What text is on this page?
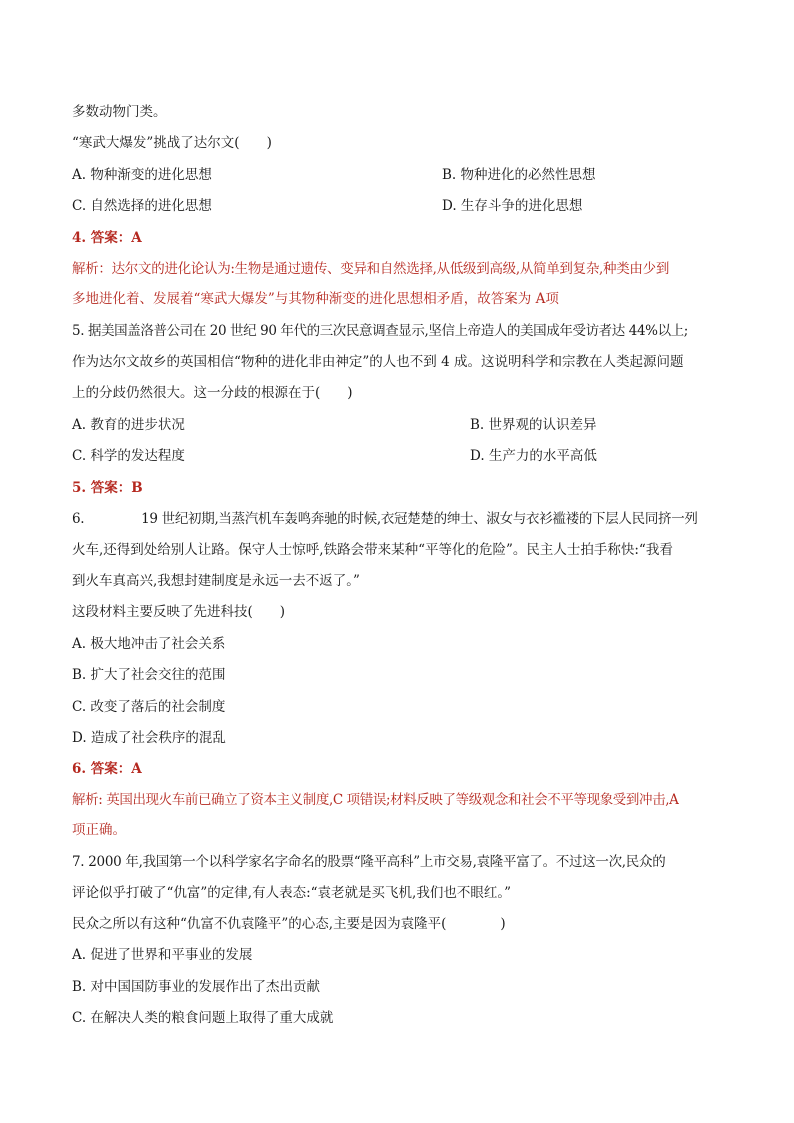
多数动物门类。
“寒武大爆发”挑战了达尔文(　　)
A. 物种渐变的进化思想	B. 物种进化的必然性思想
C. 自然选择的进化思想	D. 生存斗争的进化思想
4. 答案：A
解析：达尔文的进化论认为:生物是通过遗传、变异和自然选择,从低级到高级,从简单到复杂,种类由少到
多地进化着、发展着“寒武大爆发”与其物种渐变的进化思想相矛盾，故答案为 A项
5. 据美国盖洛普公司在 20 世纪 90 年代的三次民意调查显示,坚信上帝造人的美国成年受访者达 44%以上;
作为达尔文故乡的英国相信“物种的进化非由神定”的人也不到 4 成。这说明科学和宗教在人类起源问题
上的分歧仍然很大。这一分歧的根源在于(　　)
A. 教育的进步状况	B. 世界观的认识差异
C. 科学的发达程度	D. 生产力的水平高低
5. 答案：B
6.　　　　 19 世纪初期,当蒸汽机车轰鸣奔驰的时候,衣冠楚楚的绅士、淑女与衣衫褴褛的下层人民同挤一列
火车,还得到处给别人让路。保守人士惊呼,铁路会带来某种“平等化的危险”。民主人士拍手称快:“我看
到火车真高兴,我想封建制度是永远一去不返了。”
这段材料主要反映了先进科技(　　)
A. 极大地冲击了社会关系
B. 扩大了社会交往的范围
C. 改变了落后的社会制度
D. 造成了社会秩序的混乱
6. 答案：A
解析: 英国出现火车前已确立了资本主义制度,C 项错误;材料反映了等级观念和社会不平等现象受到冲击,A
项正确。
7. 2000 年,我国第一个以科学家名字命名的股票“隆平高科”上市交易,袁隆平富了。不过这一次,民众的
评论似乎打破了“仇富”的定律,有人表态:“袁老就是买飞机,我们也不眼红。”
民众之所以有这种“仇富不仇袁隆平”的心态,主要是因为袁隆平(　　　　)
A. 促进了世界和平事业的发展
B. 对中国国防事业的发展作出了杰出贡献
C. 在解决人类的粮食问题上取得了重大成就
